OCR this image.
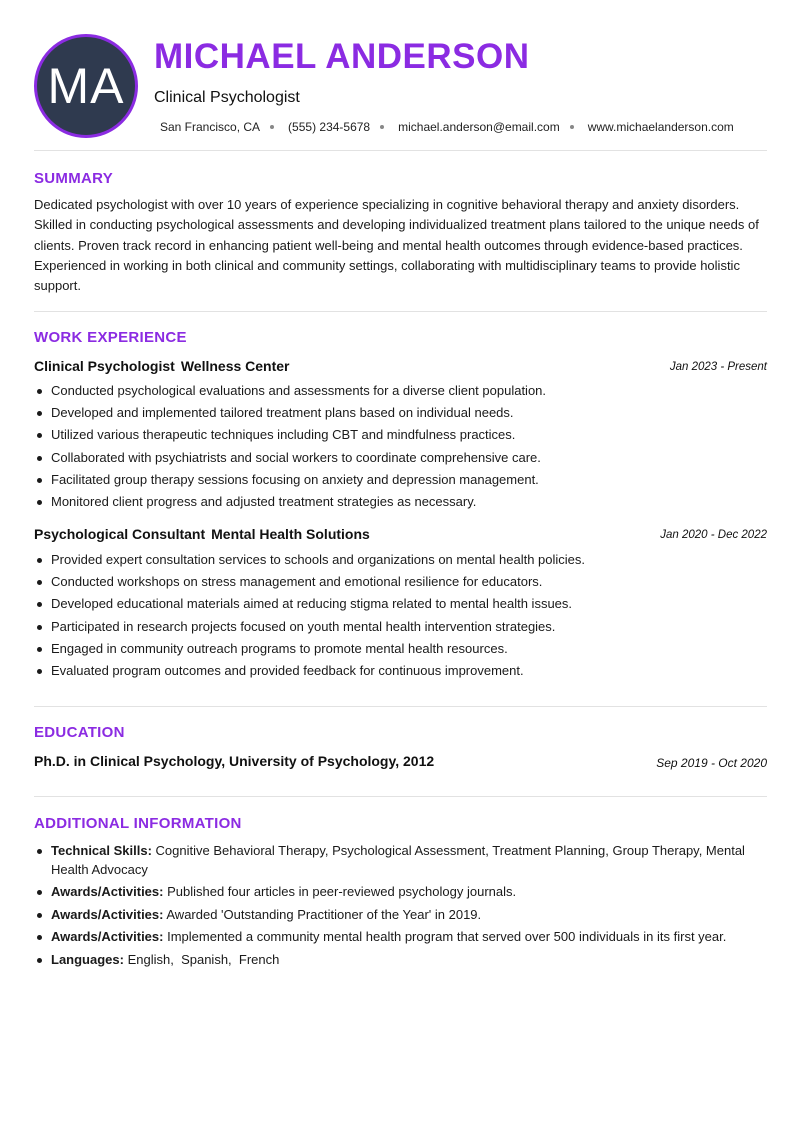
MA
MICHAEL ANDERSON
Clinical Psychologist
San Francisco, CA (555) 234-5678 michael.anderson@email.com www.michaelanderson.com
SUMMARY
Dedicated psychologist with over 10 years of experience specializing in cognitive behavioral therapy and anxiety disorders. Skilled in conducting psychological assessments and developing individualized treatment plans tailored to the unique needs of clients. Proven track record in enhancing patient well-being and mental health outcomes through evidence-based practices. Experienced in working in both clinical and community settings, collaborating with multidisciplinary teams to provide holistic support.
WORK EXPERIENCE
Clinical Psychologist Wellness Center	Jan 2023 - Present
Conducted psychological evaluations and assessments for a diverse client population.
Developed and implemented tailored treatment plans based on individual needs.
Utilized various therapeutic techniques including CBT and mindfulness practices.
Collaborated with psychiatrists and social workers to coordinate comprehensive care.
Facilitated group therapy sessions focusing on anxiety and depression management.
Monitored client progress and adjusted treatment strategies as necessary.
Psychological Consultant Mental Health Solutions	Jan 2020 - Dec 2022
Provided expert consultation services to schools and organizations on mental health policies.
Conducted workshops on stress management and emotional resilience for educators.
Developed educational materials aimed at reducing stigma related to mental health issues.
Participated in research projects focused on youth mental health intervention strategies.
Engaged in community outreach programs to promote mental health resources.
Evaluated program outcomes and provided feedback for continuous improvement.
EDUCATION
Ph.D. in Clinical Psychology, University of Psychology, 2012	Sep 2019 - Oct 2020
ADDITIONAL INFORMATION
Technical Skills: Cognitive Behavioral Therapy, Psychological Assessment, Treatment Planning, Group Therapy, Mental Health Advocacy
Awards/Activities: Published four articles in peer-reviewed psychology journals.
Awards/Activities: Awarded 'Outstanding Practitioner of the Year' in 2019.
Awards/Activities: Implemented a community mental health program that served over 500 individuals in its first year.
Languages: English,  Spanish,  French
